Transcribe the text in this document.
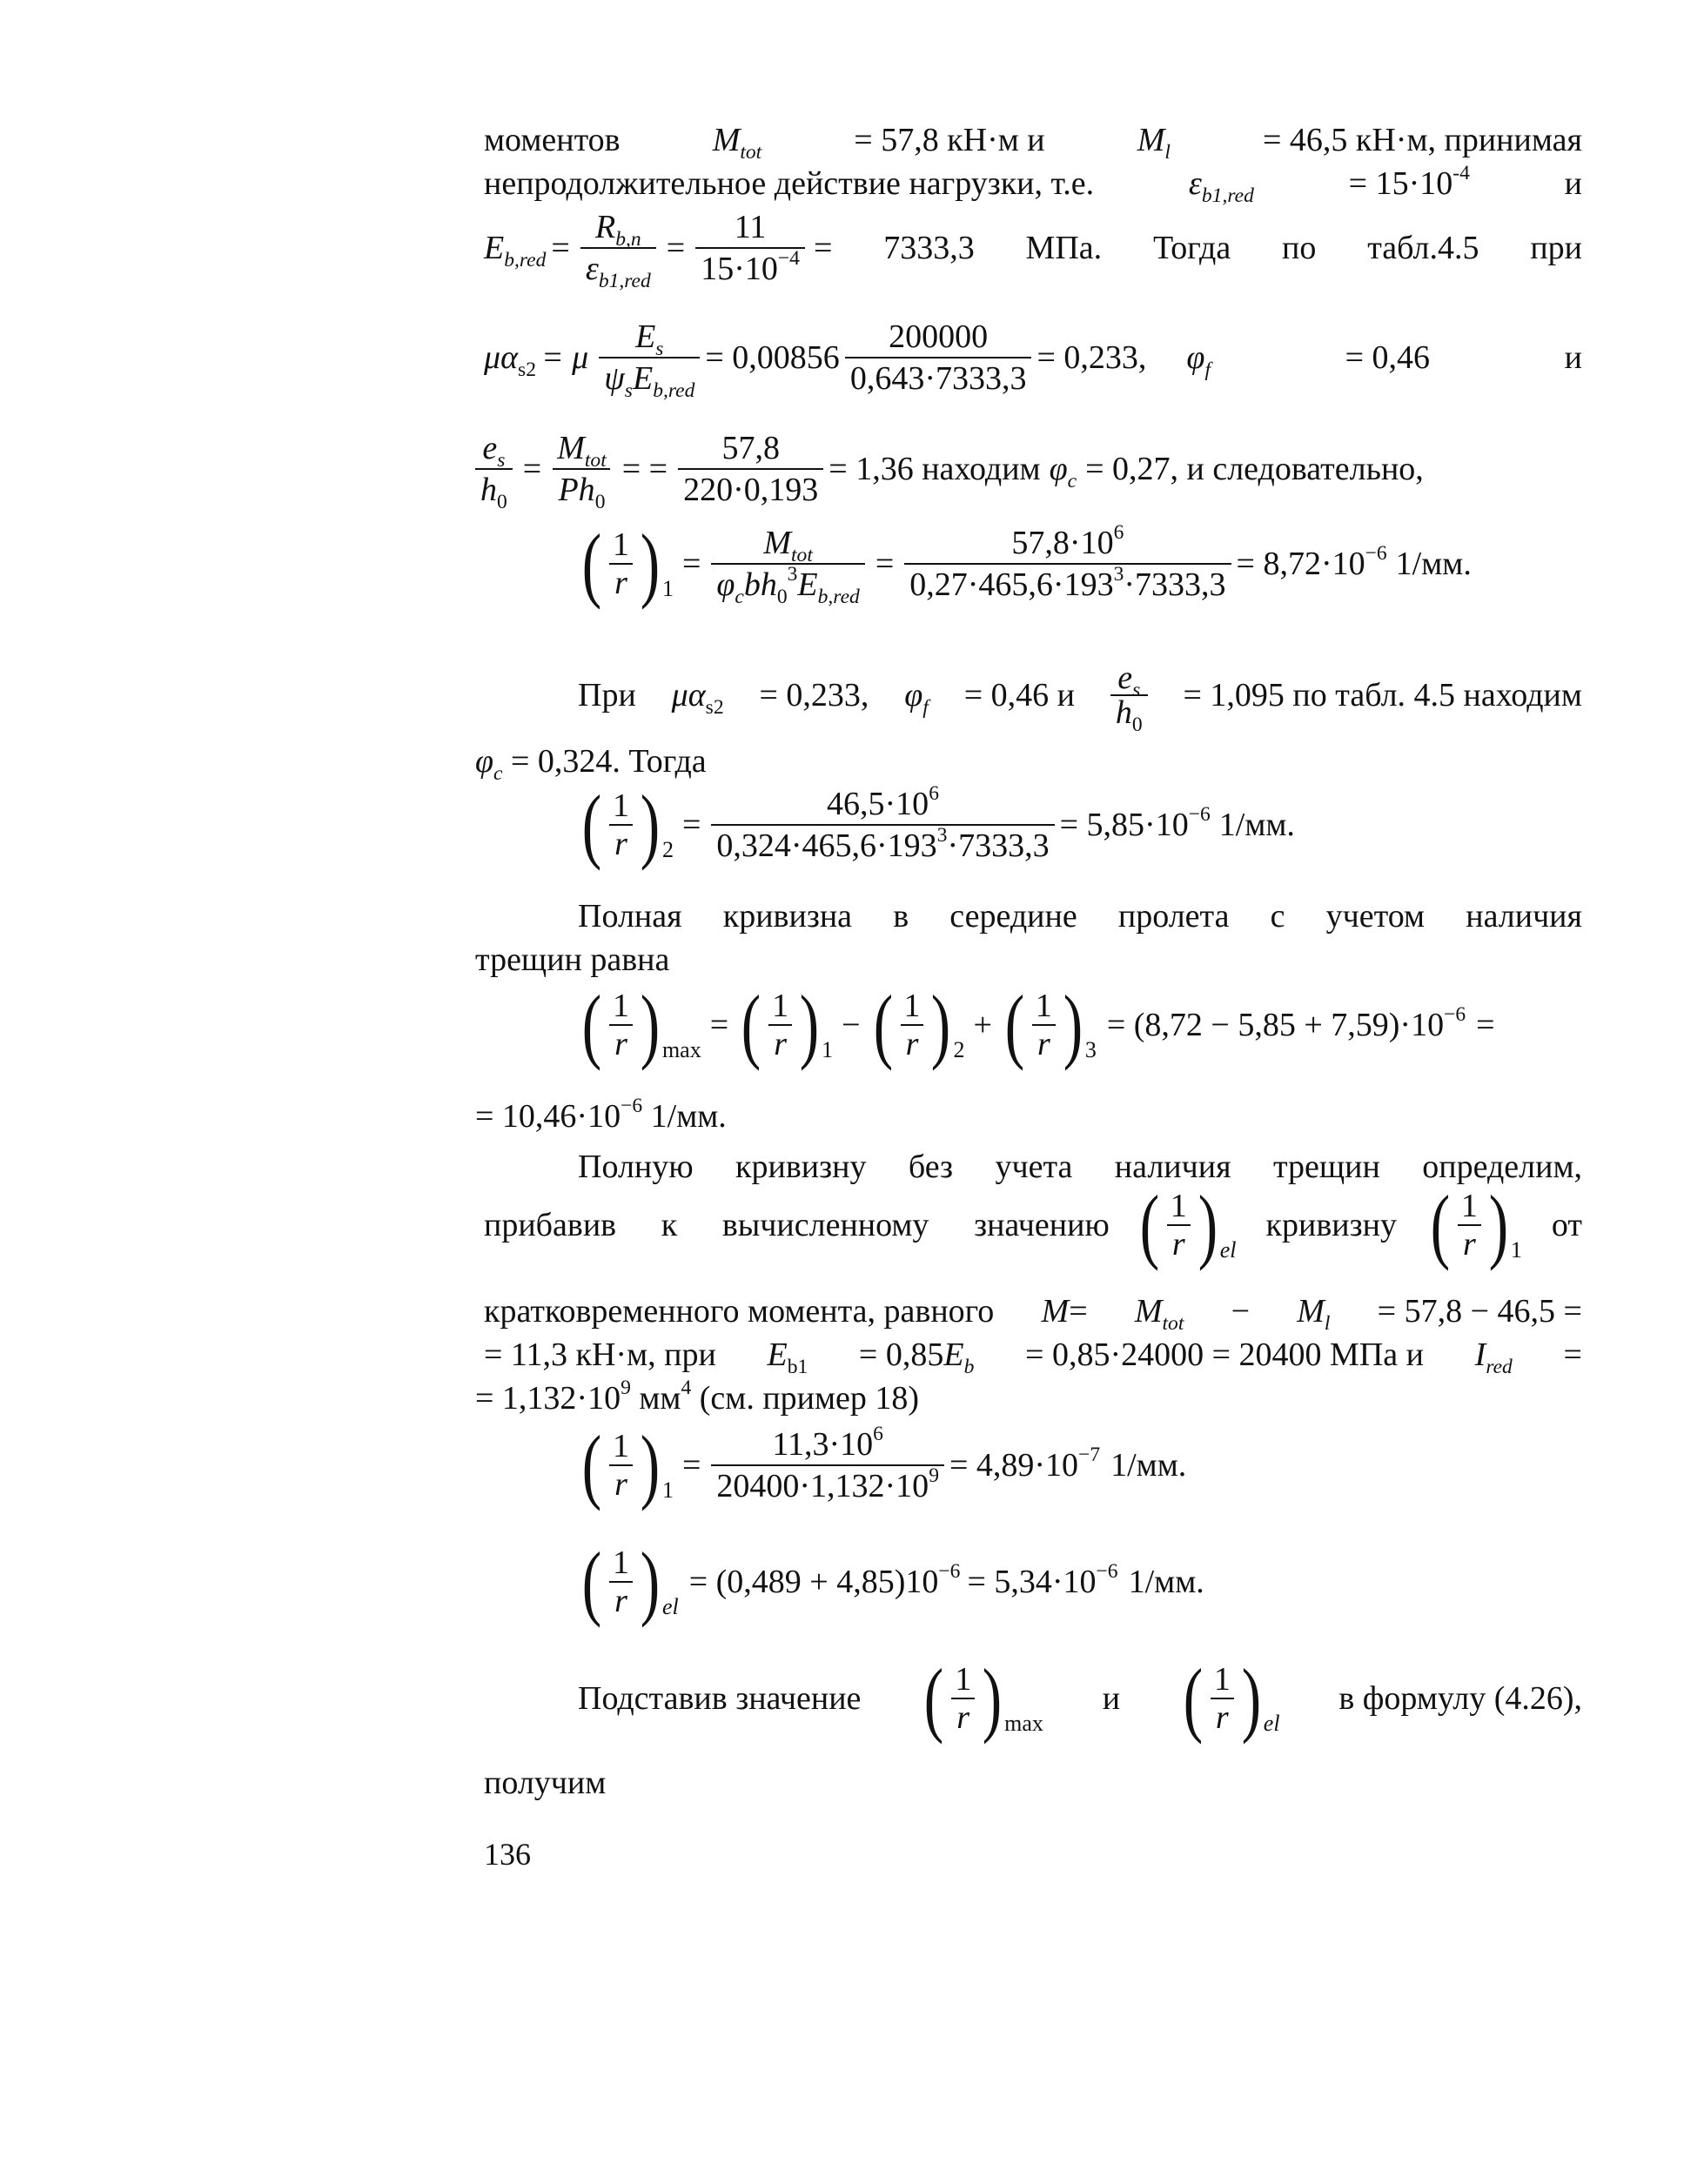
моментов	$M_{tot}$	= 57,8 кН·м и	$M_l$	= 46,5 кН·м, принимая
непродолжительное действие нагрузки, т.е.	$\varepsilon_{b1,red}$	= $15\cdot 10^{-4}$	и
$E_{b,red} = \frac{R_{b,n}}{\varepsilon_{b1,red}} = \frac{11}{15\cdot 10^{-4}} = 7333,3$ МПа. Тогда по табл.4.5 при
$\mu\alpha_{s2} = \mu \frac{E_s}{\psi_sE_{b,red}} = 0,00856 \frac{200000}{0,643\cdot 7333,3} = 0,233$, $\varphi_f$	= 0,46	и
$\frac{e_s}{h_0} = \frac{M_{tot}}{Ph_0}$ = = $\frac{57,8}{220\cdot 0,193} = 1,36$ находим $\varphi_c = 0,27$, и следовательно,
( $\frac{1}{r}$ ) 1
= $\frac{M_{tot}}{\varphi_cbh_0^3E_{b,red}} = \frac{57,8\cdot 10^6}{0,27\cdot 465,6\cdot 193^3\cdot 7333,3} = 8,72\cdot 10^{-6}$ 1/мм.
При $\mu\alpha_{s2} = 0,233$, $\varphi_f = 0,46$ и $\frac{e_s}{h_0} = 1,095$ по табл. 4.5 находим
$\varphi_c = 0,324$. Тогда
( $\frac{1}{r}$ ) 2
= $\frac{46,5\cdot 10^6}{0,324\cdot 465,6\cdot 193^3\cdot 7333,3} = 5,85\cdot 10^{-6}$ 1/мм.
Полная кривизна в середине пролета с учетом наличия
трещин равна
( $\frac{1}{r}$ ) max
= ( $\frac{1}{r}$ ) 1
− ( $\frac{1}{r}$ ) 2
+ ( $\frac{1}{r}$ ) 3
= $(8,72 - 5,85 + 7,59)\cdot 10^{-6}$ =
= $10,46\cdot 10^{-6}$ 1/мм.
Полную кривизну без учета наличия трещин определим,
прибавив к вычисленному значению ( $\frac{1}{r}$ ) el
кривизну ( $\frac{1}{r}$ ) 1
от
кратковременного момента, равного $M= M_{tot} - M_l = 57,8 - 46,5$ =
= 11,3 кН·м, при $E_{b1} = 0,85E_b = 0,85\cdot 24000 = 20400$ МПа и $I_{red}$ =
= $1,132\cdot 10^9$ $мм^4$ (см. пример 18)
( $\frac{1}{r}$ ) 1
= $\frac{11,3\cdot 10^6}{20400\cdot 1,132\cdot 10^9} = 4,89\cdot 10^{-7}$ 1/мм.
( $\frac{1}{r}$ ) el
= $(0,489 + 4,85)10^{-6} = 5,34\cdot 10^{-6}$ 1/мм.
Подставив значение ( $\frac{1}{r}$ ) max
и ( $\frac{1}{r}$ ) el
в формулу (4.26),
получим
136
